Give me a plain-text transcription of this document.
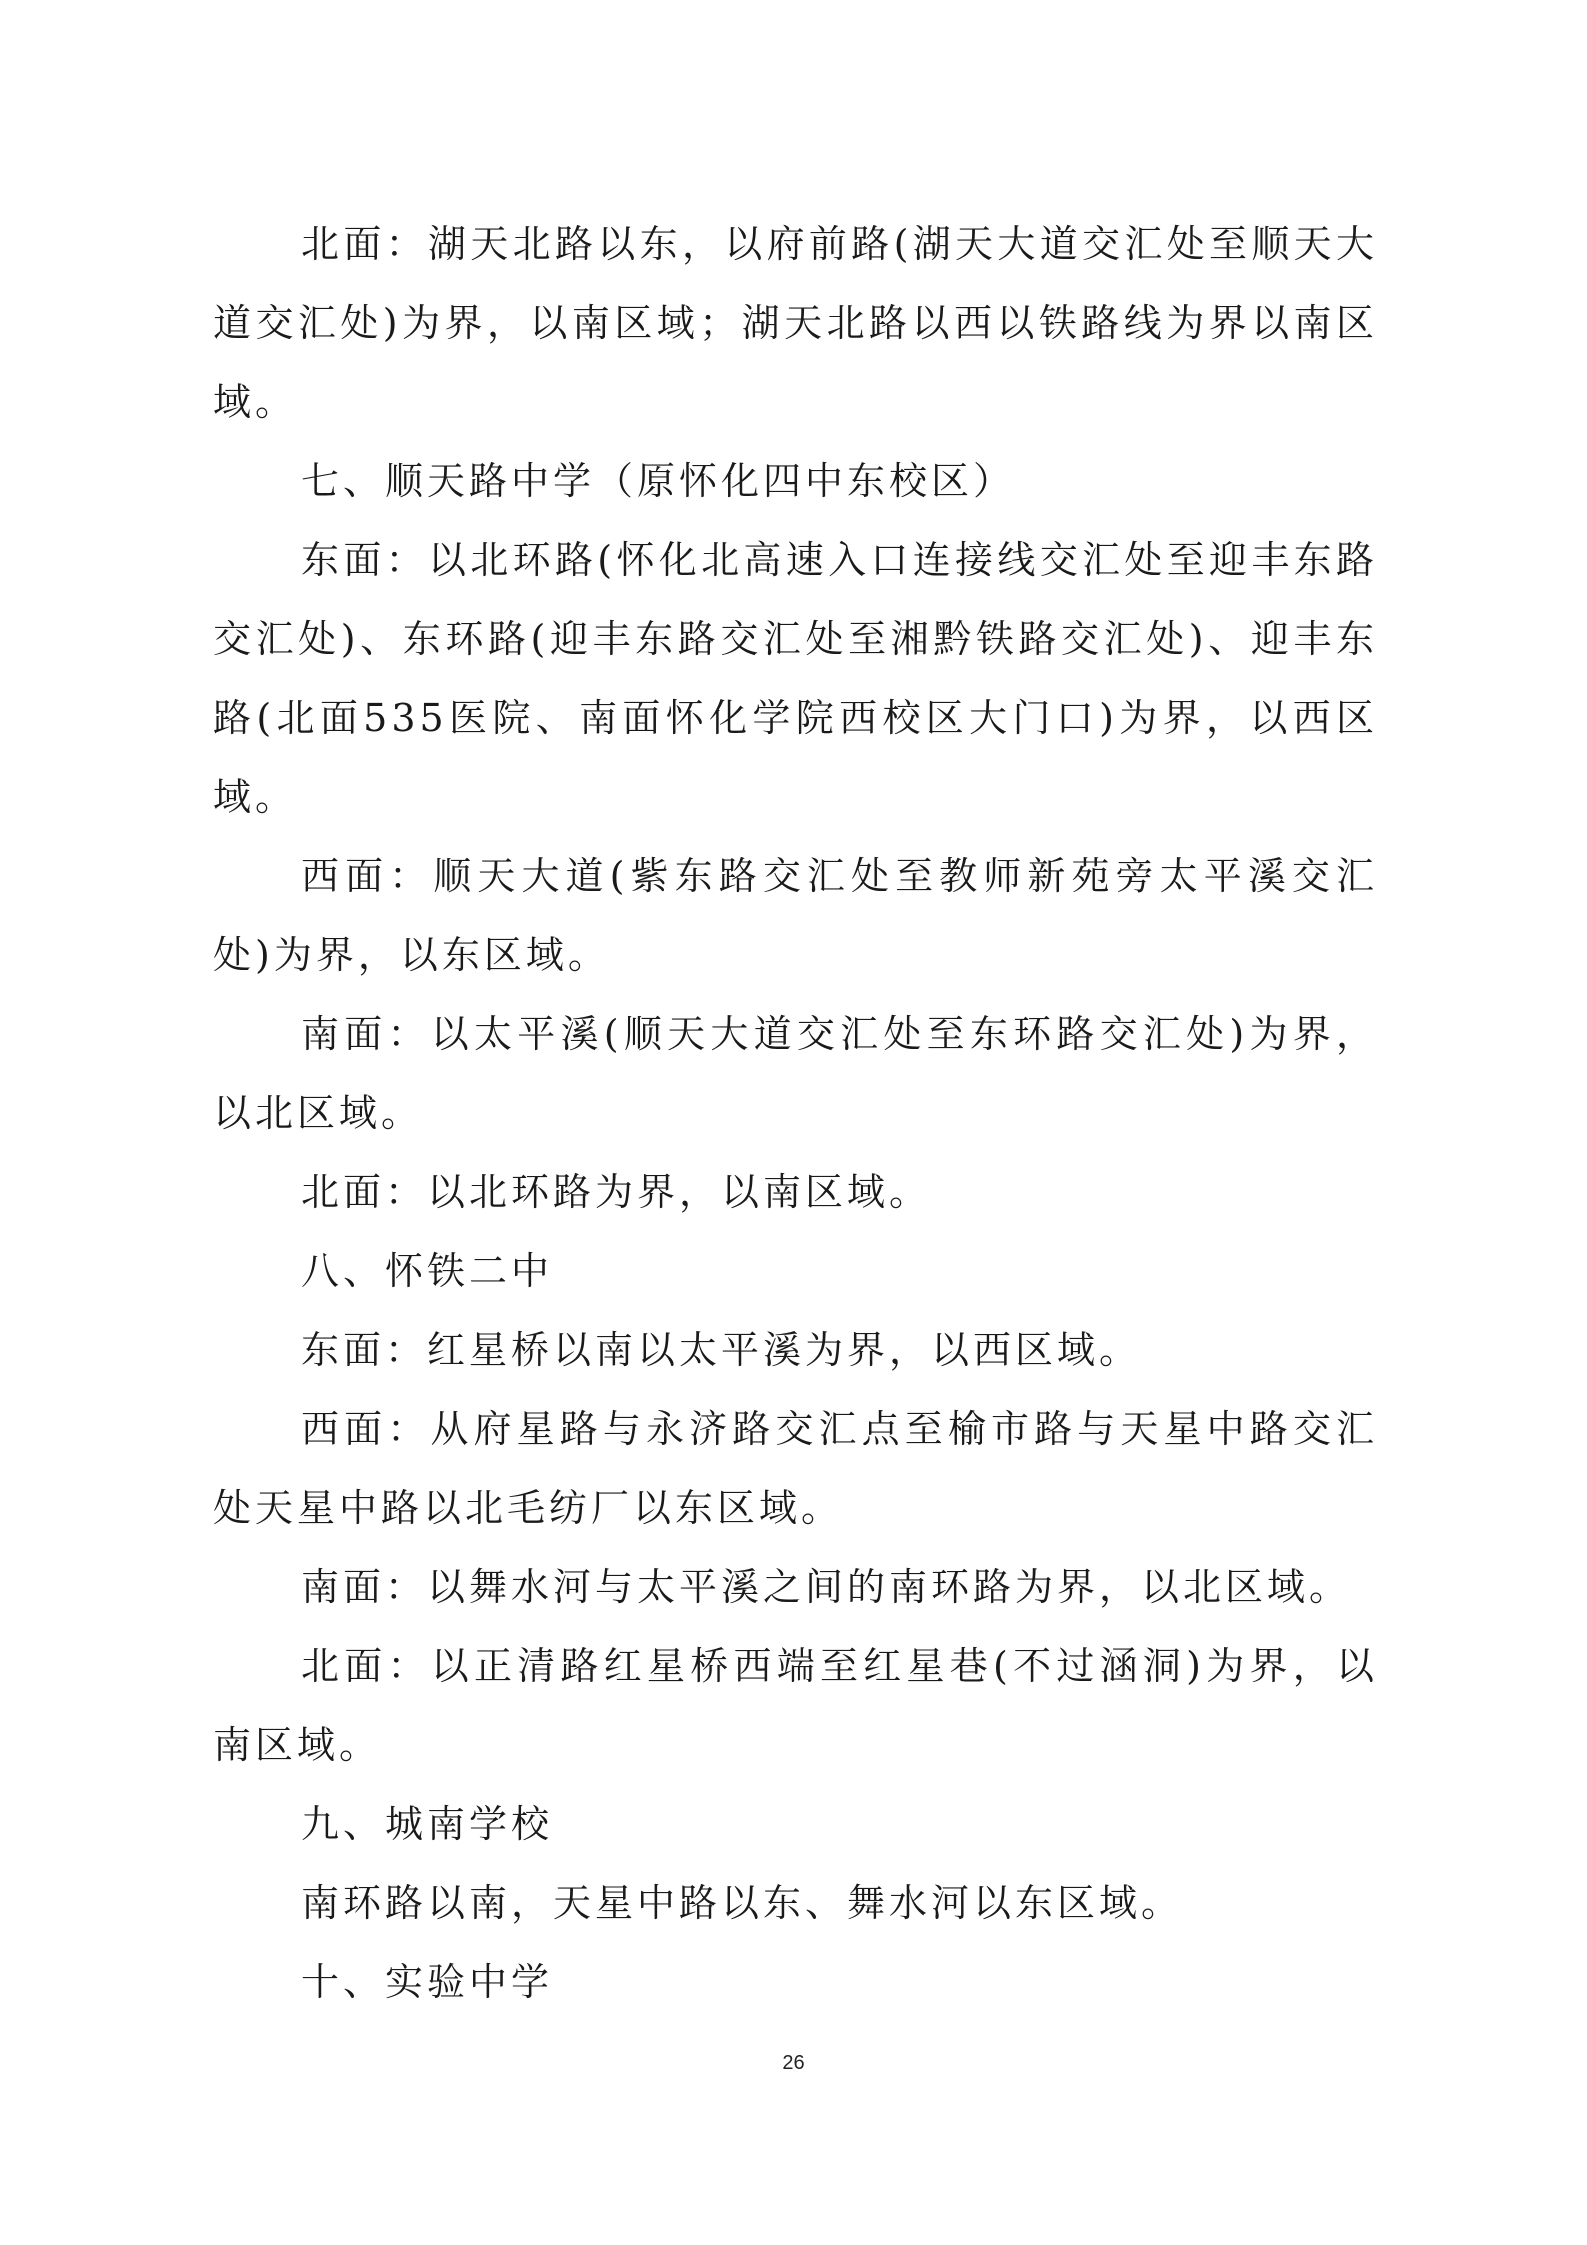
北面：湖天北路以东，以府前路(湖天大道交汇处至顺天大道交汇处)为界，以南区域；湖天北路以西以铁路线为界以南区域。

七、顺天路中学（原怀化四中东校区）

东面：以北环路(怀化北高速入口连接线交汇处至迎丰东路交汇处)、东环路(迎丰东路交汇处至湘黔铁路交汇处)、迎丰东路(北面535医院、南面怀化学院西校区大门口)为界，以西区域。

西面：顺天大道(紫东路交汇处至教师新苑旁太平溪交汇处)为界，以东区域。

南面：以太平溪(顺天大道交汇处至东环路交汇处)为界，以北区域。

北面：以北环路为界，以南区域。

八、怀铁二中

东面：红星桥以南以太平溪为界，以西区域。

西面：从府星路与永济路交汇点至榆市路与天星中路交汇处天星中路以北毛纺厂以东区域。

南面：以舞水河与太平溪之间的南环路为界，以北区域。

北面：以正清路红星桥西端至红星巷(不过涵洞)为界，以南区域。

九、城南学校

南环路以南，天星中路以东、舞水河以东区域。

十、实验中学

26
